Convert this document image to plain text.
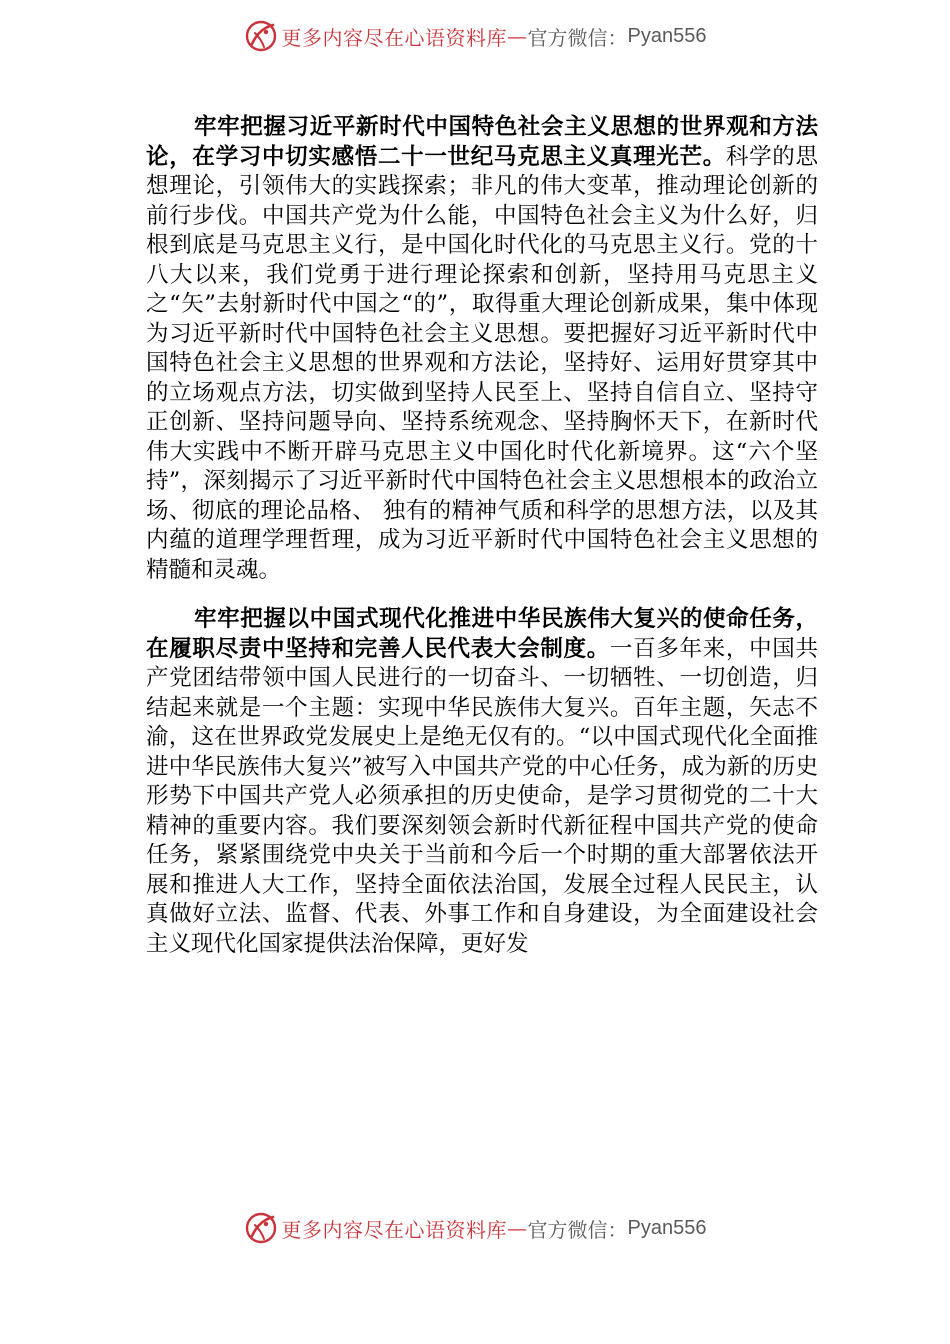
更多内容尽在心语资料库 — 官方微信： Pyan556

牢牢把握习近平新时代中国特色社会主义思想的世界观和方法论，在学习中切实感悟二十一世纪马克思主义真理光芒。科学的思想理论，引领伟大的实践探索；非凡的伟大变革，推动理论创新的前行步伐。中国共产党为什么能，中国特色社会主义为什么好，归根到底是马克思主义行，是中国化时代化的马克思主义行。党的十八大以来，我们党勇于进行理论探索和创新，坚持用马克思主义之“矢”去射新时代中国之“的”，取得重大理论创新成果，集中体现为习近平新时代中国特色社会主义思想。要把握好习近平新时代中国特色社会主义思想的世界观和方法论，坚持好、运用好贯穿其中的立场观点方法，切实做到坚持人民至上、坚持自信自立、坚持守正创新、坚持问题导向、坚持系统观念、坚持胸怀天下，在新时代伟大实践中不断开辟马克思主义中国化时代化新境界。这“六个坚持”，深刻揭示了习近平新时代中国特色社会主义思想根本的政治立场、彻底的理论品格、 独有的精神气质和科学的思想方法，以及其内蕴的道理学理哲理，成为习近平新时代中国特色社会主义思想的精髓和灵魂。

牢牢把握以中国式现代化推进中华民族伟大复兴的使命任务，在履职尽责中坚持和完善人民代表大会制度。一百多年来，中国共产党团结带领中国人民进行的一切奋斗、一切牺牲、一切创造，归结起来就是一个主题：实现中华民族伟大复兴。百年主题，矢志不渝，这在世界政党发展史上是绝无仅有的。“以中国式现代化全面推进中华民族伟大复兴”被写入中国共产党的中心任务，成为新的历史形势下中国共产党人必须承担的历史使命，是学习贯彻党的二十大精神的重要内容。我们要深刻领会新时代新征程中国共产党的使命任务，紧紧围绕党中央关于当前和今后一个时期的重大部署依法开展和推进人大工作，坚持全面依法治国，发展全过程人民民主，认真做好立法、监督、代表、外事工作和自身建设，为全面建设社会主义现代化国家提供法治保障，更好发

更多内容尽在心语资料库 — 官方微信： Pyan556
